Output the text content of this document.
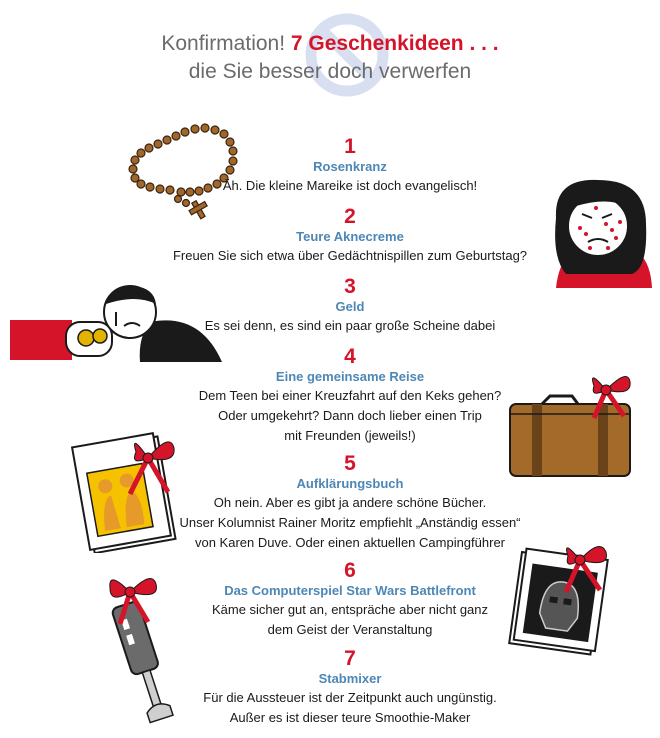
Konfirmation! 7 Geschenkideen . . .
die Sie besser doch verwerfen
1
Rosenkranz
Äh. Die kleine Mareike ist doch evangelisch!
2
Teure Aknecreme
Freuen Sie sich etwa über Gedächtnispillen zum Geburtstag?
3
Geld
Es sei denn, es sind ein paar große Scheine dabei
4
Eine gemeinsame Reise
Dem Teen bei einer Kreuzfahrt auf den Keks gehen?
Oder umgekehrt? Dann doch lieber einen Trip
mit Freunden (jeweils!)
5
Aufklärungsbuch
Oh nein. Aber es gibt ja andere schöne Bücher.
Unser Kolumnist Rainer Moritz empfiehlt „Anständig essen“
von Karen Duve. Oder einen aktuellen Campingführer
6
Das Computerspiel Star Wars Battlefront
Käme sicher gut an, entspräche aber nicht ganz
dem Geist der Veranstaltung
7
Stabmixer
Für die Aussteuer ist der Zeitpunkt auch ungünstig.
Außer es ist dieser teure Smoothie-Maker
